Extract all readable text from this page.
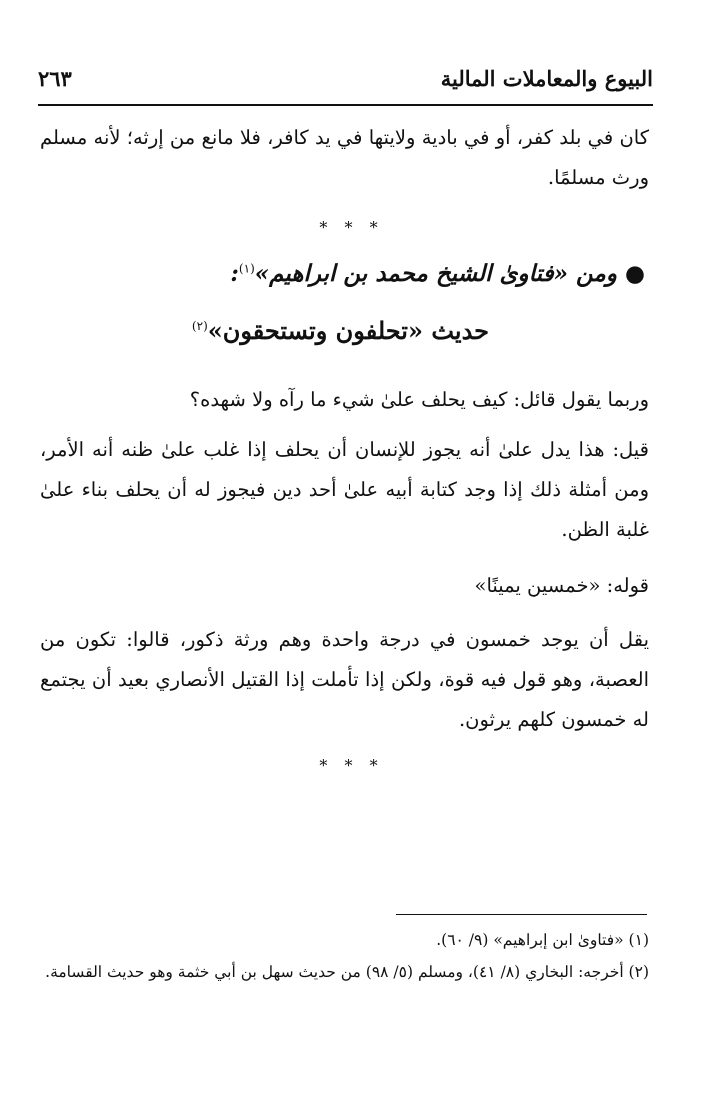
البيوع والمعاملات المالية
٢٦٣

كان في بلد كفر، أو في بادية ولايتها في يد كافر، فلا مانع من إرثه؛ لأنه مسلم ورث مسلمًا.

* * *
●ومن «فتاوىٰ الشيخ محمد بن ابراهيم»$^{(١)}$:
حديث «تحلفون وتستحقون»$^{(٢)}$

وربما يقول قائل: كيف يحلف علىٰ شيء ما رآه ولا شهده؟

قيل: هذا يدل علىٰ أنه يجوز للإنسان أن يحلف إذا غلب علىٰ ظنه أنه الأمر، ومن أمثلة ذلك إذا وجد كتابة أبيه علىٰ أحد دين فيجوز له أن يحلف بناء علىٰ غلبة الظن.

قوله: «خمسين يمينًا»

يقل أن يوجد خمسون في درجة واحدة وهم ورثة ذكور، قالوا: تكون من العصبة، وهو قول فيه قوة، ولكن إذا تأملت إذا القتيل الأنصاري بعيد أن يجتمع له خمسون كلهم يرثون.

* * *

(١) «فتاوىٰ ابن إبراهيم» (٩/ ٦٠).

(٢) أخرجه: البخاري (٨/ ٤١)، ومسلم (٥/ ٩٨) من حديث سهل بن أبي خثمة وهو حديث القسامة.
